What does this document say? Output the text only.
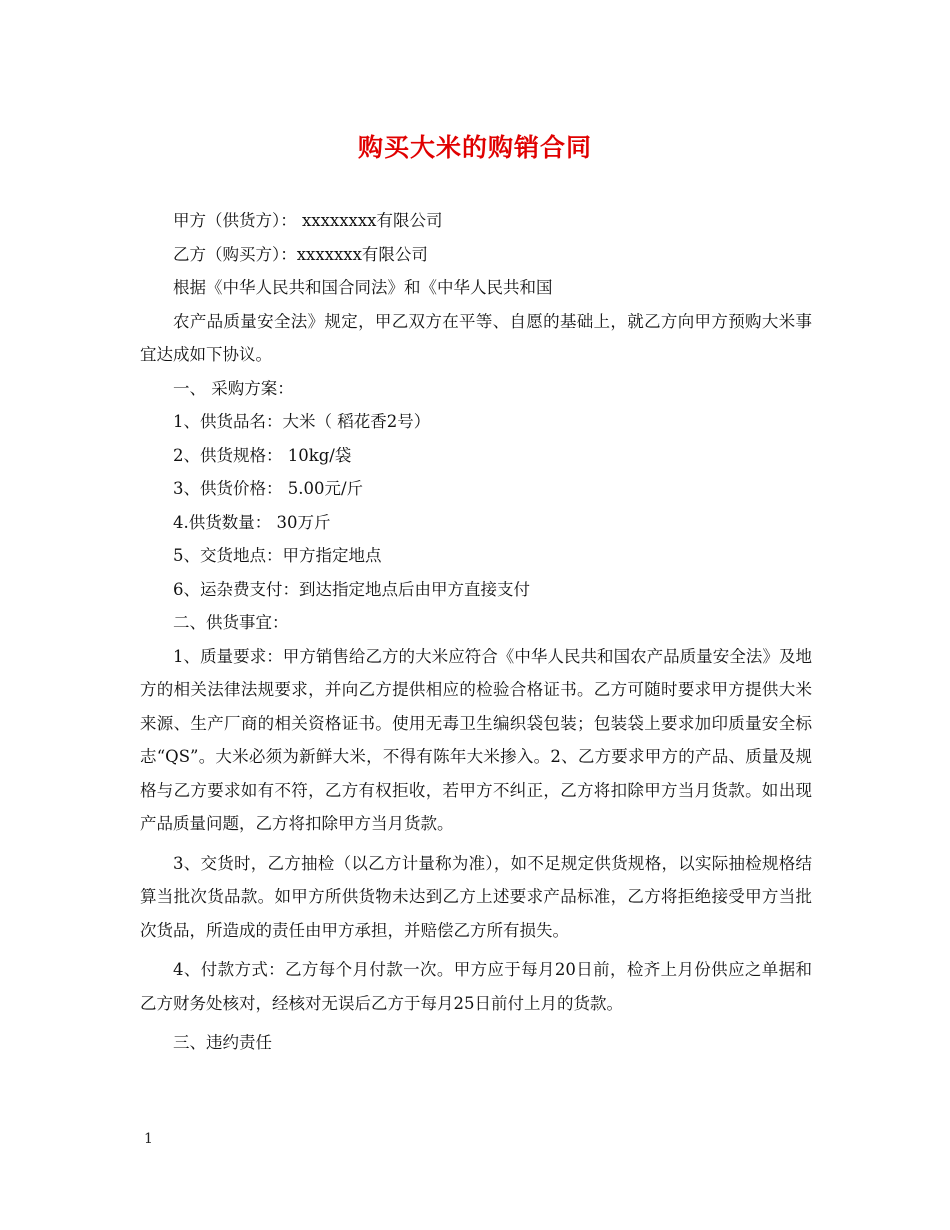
购买大米的购销合同

甲方（供货方）： xxxxxxxx有限公司

乙方（购买方）：xxxxxxx有限公司

根据《中华人民共和国合同法》和《中华人民共和国

农产品质量安全法》规定，甲乙双方在平等、自愿的基础上，就乙方向甲方预购大米事宜达成如下协议。

一、 采购方案：

1、供货品名：大米（ 稻花香2号）

2、供货规格： 10kg/袋

3、供货价格： 5.00元/斤

4.供货数量： 30万斤

5、交货地点：甲方指定地点

6、运杂费支付：到达指定地点后由甲方直接支付

二、供货事宜：

1、质量要求：甲方销售给乙方的大米应符合《中华人民共和国农产品质量安全法》及地方的相关法律法规要求，并向乙方提供相应的检验合格证书。乙方可随时要求甲方提供大米来源、生产厂商的相关资格证书。使用无毒卫生编织袋包装；包装袋上要求加印质量安全标志“QS”。大米必须为新鲜大米，不得有陈年大米掺入。2、乙方要求甲方的产品、质量及规格与乙方要求如有不符，乙方有权拒收，若甲方不纠正，乙方将扣除甲方当月货款。如出现产品质量问题，乙方将扣除甲方当月货款。

3、交货时，乙方抽检（以乙方计量称为准），如不足规定供货规格，以实际抽检规格结算当批次货品款。如甲方所供货物未达到乙方上述要求产品标准，乙方将拒绝接受甲方当批次货品，所造成的责任由甲方承担，并赔偿乙方所有损失。

4、付款方式：乙方每个月付款一次。甲方应于每月20日前，检齐上月份供应之单据和乙方财务处核对，经核对无误后乙方于每月25日前付上月的货款。

三、违约责任

1
